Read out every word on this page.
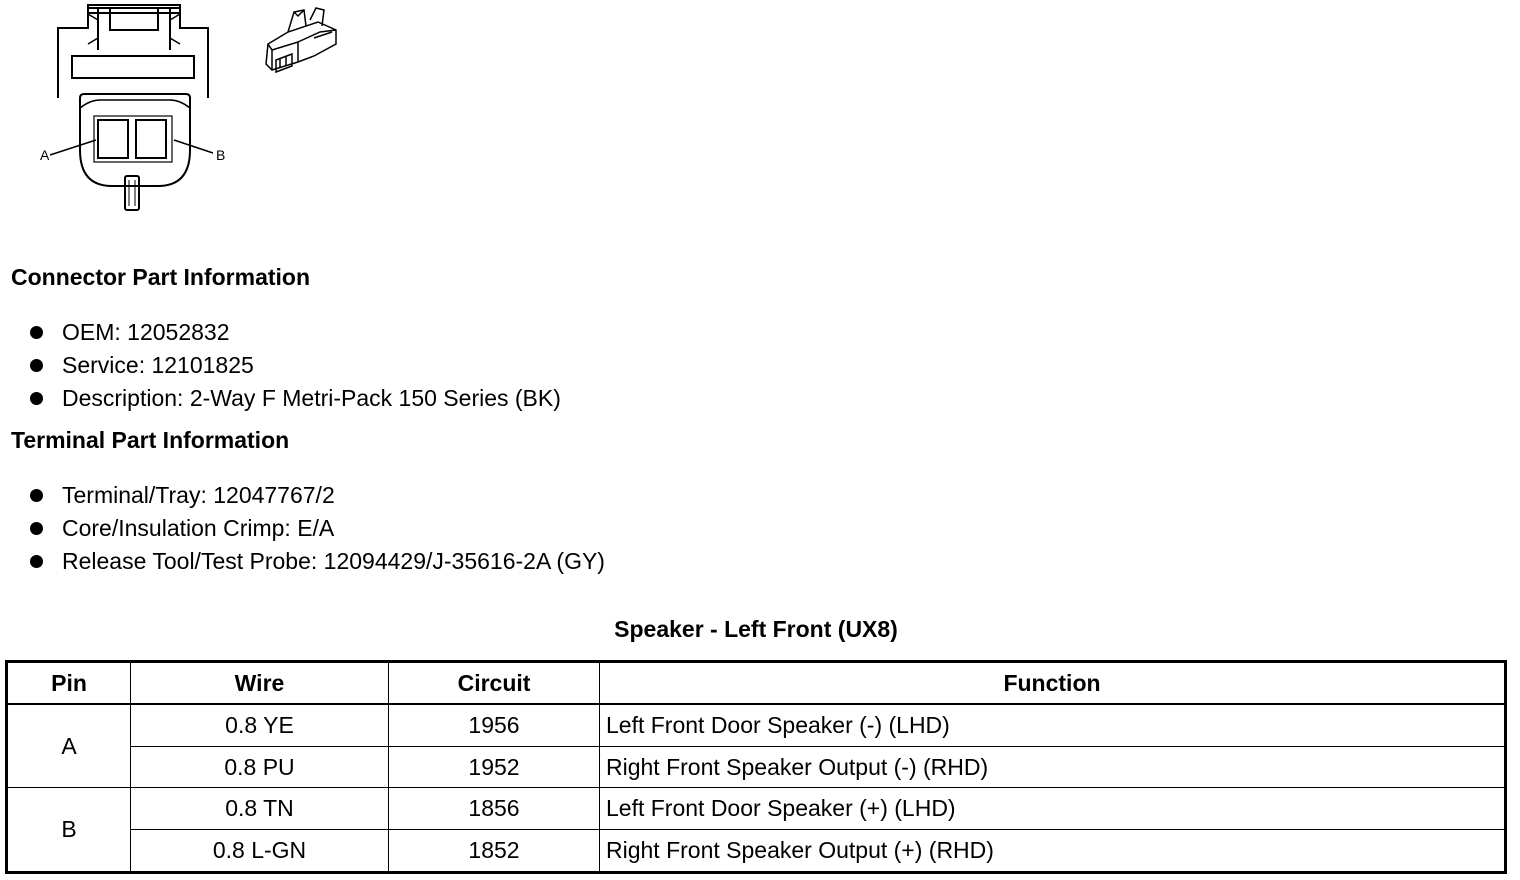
A	B
Connector Part Information
OEM: 12052832
Service: 12101825
Description: 2-Way F Metri-Pack 150 Series (BK)
Terminal Part Information
Terminal/Tray: 12047767/2
Core/Insulation Crimp: E/A
Release Tool/Test Probe: 12094429/J-35616-2A (GY)
Speaker - Left Front (UX8)
Pin	Wire	Circuit	Function
A	0.8 YE	1956	Left Front Door Speaker (-) (LHD)
	0.8 PU	1952	Right Front Speaker Output (-) (RHD)
B	0.8 TN	1856	Left Front Door Speaker (+) (LHD)
	0.8 L-GN	1852	Right Front Speaker Output (+) (RHD)
